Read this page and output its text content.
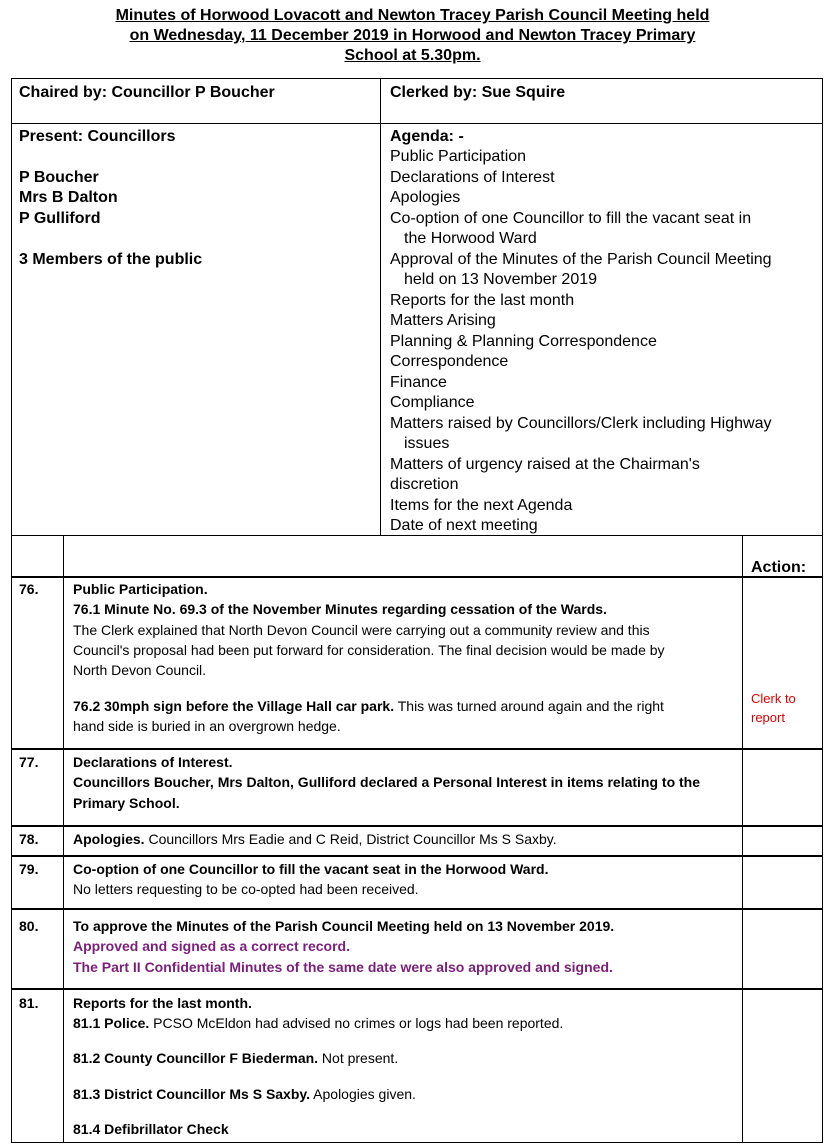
Minutes of Horwood Lovacott and Newton Tracey Parish Council Meeting held
on Wednesday, 11 December 2019 in Horwood and Newton Tracey Primary
School at 5.30pm.
Chaired by: Councillor P Boucher	Clerked by: Sue Squire
Present: Councillors
P Boucher
Mrs B Dalton
P Gulliford
3 Members of the public
Agenda: -
Public Participation
Declarations of Interest
Apologies
Co-option of one Councillor to fill the vacant seat in
the Horwood Ward
Approval of the Minutes of the Parish Council Meeting
held on 13 November 2019
Reports for the last month
Matters Arising
Planning & Planning Correspondence
Correspondence
Finance
Compliance
Matters raised by Councillors/Clerk including Highway
issues
Matters of urgency raised at the Chairman's
discretion
Items for the next Agenda
Date of next meeting
Action:
76. Public Participation.
76.1 Minute No. 69.3 of the November Minutes regarding cessation of the Wards.
The Clerk explained that North Devon Council were carrying out a community review and this
Council's proposal had been put forward for consideration. The final decision would be made by
North Devon Council.
76.2 30mph sign before the Village Hall car park. This was turned around again and the right
hand side is buried in an overgrown hedge.
Clerk to
report
77. Declarations of Interest.
Councillors Boucher, Mrs Dalton, Gulliford declared a Personal Interest in items relating to the
Primary School.
78. Apologies. Councillors Mrs Eadie and C Reid, District Councillor Ms S Saxby.
79. Co-option of one Councillor to fill the vacant seat in the Horwood Ward.
No letters requesting to be co-opted had been received.
80. To approve the Minutes of the Parish Council Meeting held on 13 November 2019.
Approved and signed as a correct record.
The Part II Confidential Minutes of the same date were also approved and signed.
81. Reports for the last month.
81.1 Police. PCSO McEldon had advised no crimes or logs had been reported.
81.2 County Councillor F Biederman. Not present.
81.3 District Councillor Ms S Saxby. Apologies given.
81.4 Defibrillator Check
